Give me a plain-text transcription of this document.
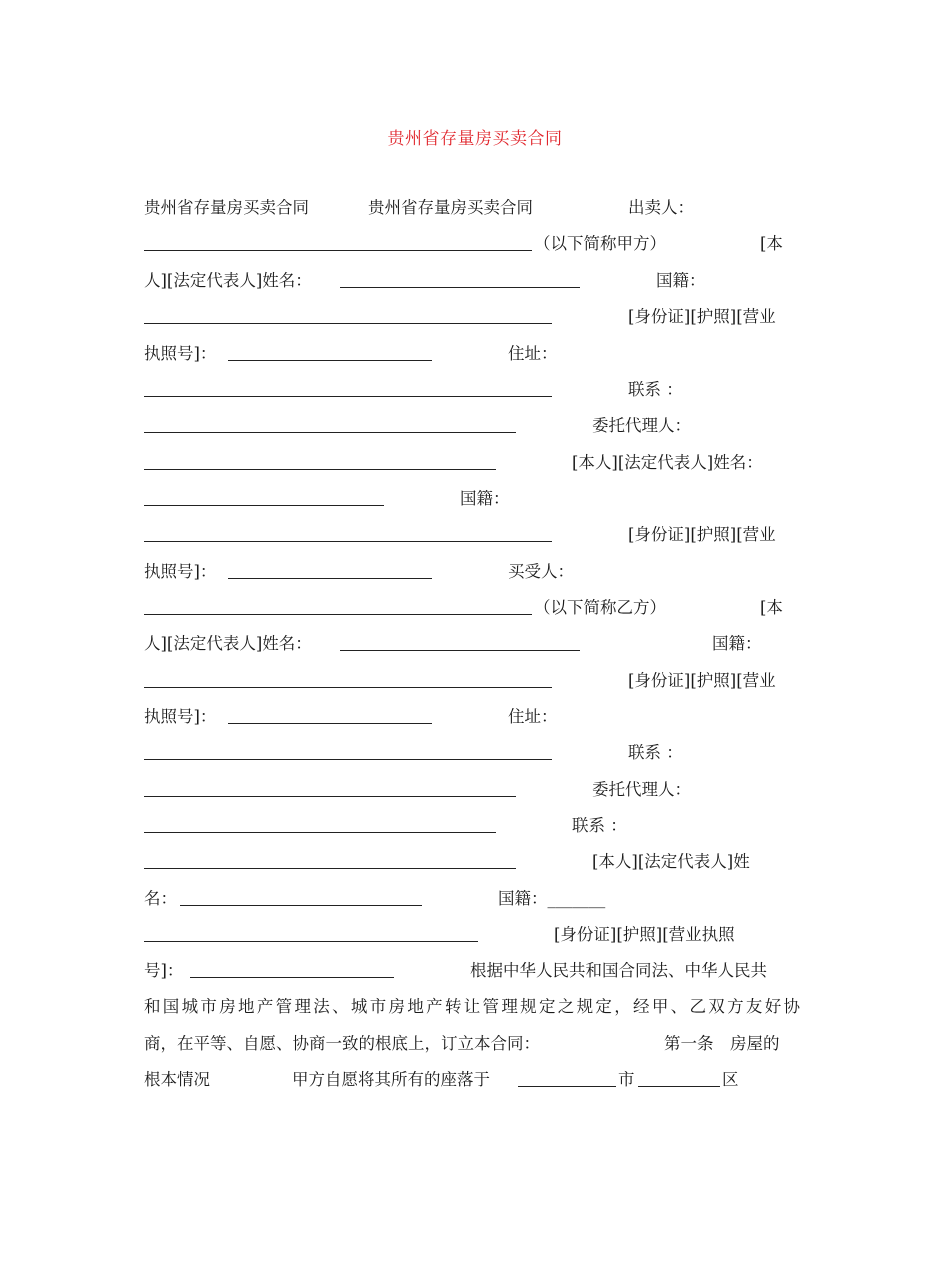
贵州省存量房买卖合同

贵州省存量房买卖合同

	贵州省存量房买卖合同

	出卖人：

（以下简称甲方）

	[本

人][法定代表人]姓名：

	国籍：

[身份证][护照][营业

执照号]：

	住址：

联系 ：

委托代理人：

[本人][法定代表人]姓名：

国籍：

[身份证][护照][营业

执照号]：

	买受人：

（以下简称乙方）

	[本

人][法定代表人]姓名：

	国籍：

[身份证][护照][营业

执照号]：

	住址：

联系 ：

委托代理人：

联系 ：

[本人][法定代表人]姓

名：

	国籍：_______

[身份证][护照][营业执照

号]：

	根据中华人民共和国合同法、中华人民共

和国城市房地产管理法、城市房地产转让管理规定之规定，经甲、乙双方友好协

商，在平等、自愿、协商一致的根底上，订立本合同：

	第一条　房屋的

根本情况

	甲方自愿将其所有的座落于

	市

	区
